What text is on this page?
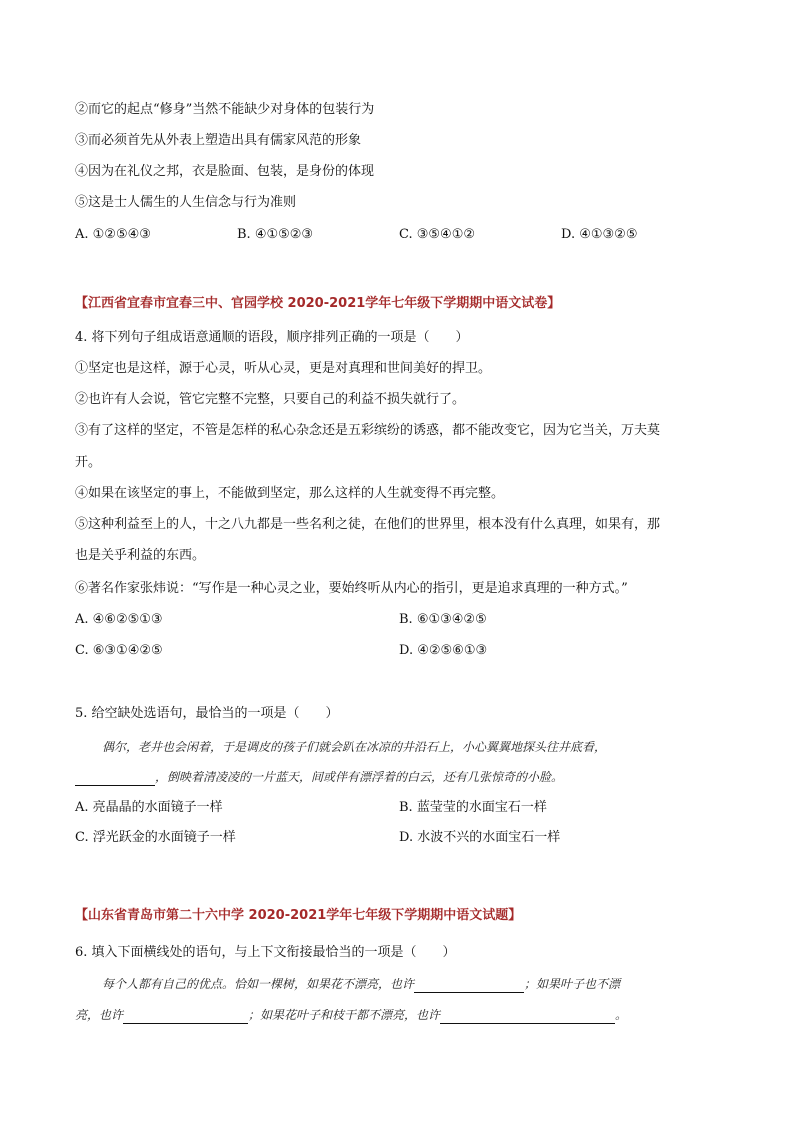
②而它的起点“修身”当然不能缺少对身体的包装行为
③而必须首先从外表上塑造出具有儒家风范的形象
④因为在礼仪之邦，衣是脸面、包装，是身份的体现
⑤这是士人儒生的人生信念与行为准则
A. ①②⑤④③	B. ④①⑤②③	C. ③⑤④①②	D. ④①③②⑤
【江西省宜春市宜春三中、官园学校 2020-2021学年七年级下学期期中语文试卷】
4. 将下列句子组成语意通顺的语段，顺序排列正确的一项是（　　）
①坚定也是这样，源于心灵，听从心灵，更是对真理和世间美好的捍卫。
②也许有人会说，管它完整不完整，只要自己的利益不损失就行了。
③有了这样的坚定，不管是怎样的私心杂念还是五彩缤纷的诱惑，都不能改变它，因为它当关，万夫莫
开。
④如果在该坚定的事上，不能做到坚定，那么这样的人生就变得不再完整。
⑤这种利益至上的人，十之八九都是一些名利之徒，在他们的世界里，根本没有什么真理，如果有，那
也是关乎利益的东西。
⑥著名作家张炜说：“写作是一种心灵之业，要始终听从内心的指引，更是追求真理的一种方式。”
A. ④⑥②⑤①③	B. ⑥①③④②⑤
C. ⑥③①④②⑤	D. ④②⑤⑥①③
5. 给空缺处选语句，最恰当的一项是（　　）
偶尔，老井也会闲着，于是调皮的孩子们就会趴在冰凉的井沿石上，小心翼翼地探头往井底看，
，倒映着清凌凌的一片蓝天，间或伴有漂浮着的白云，还有几张惊奇的小脸。
A. 亮晶晶的水面镜子一样	B. 蓝莹莹的水面宝石一样
C. 浮光跃金的水面镜子一样	D. 水波不兴的水面宝石一样
【山东省青岛市第二十六中学 2020-2021学年七年级下学期期中语文试题】
6. 填入下面横线处的语句，与上下文衔接最恰当的一项是（　　）
每个人都有自己的优点。恰如一棵树，如果花不漂亮，也许	；如果叶子也不漂
亮，也许	；如果花叶子和枝干都不漂亮，也许	。
